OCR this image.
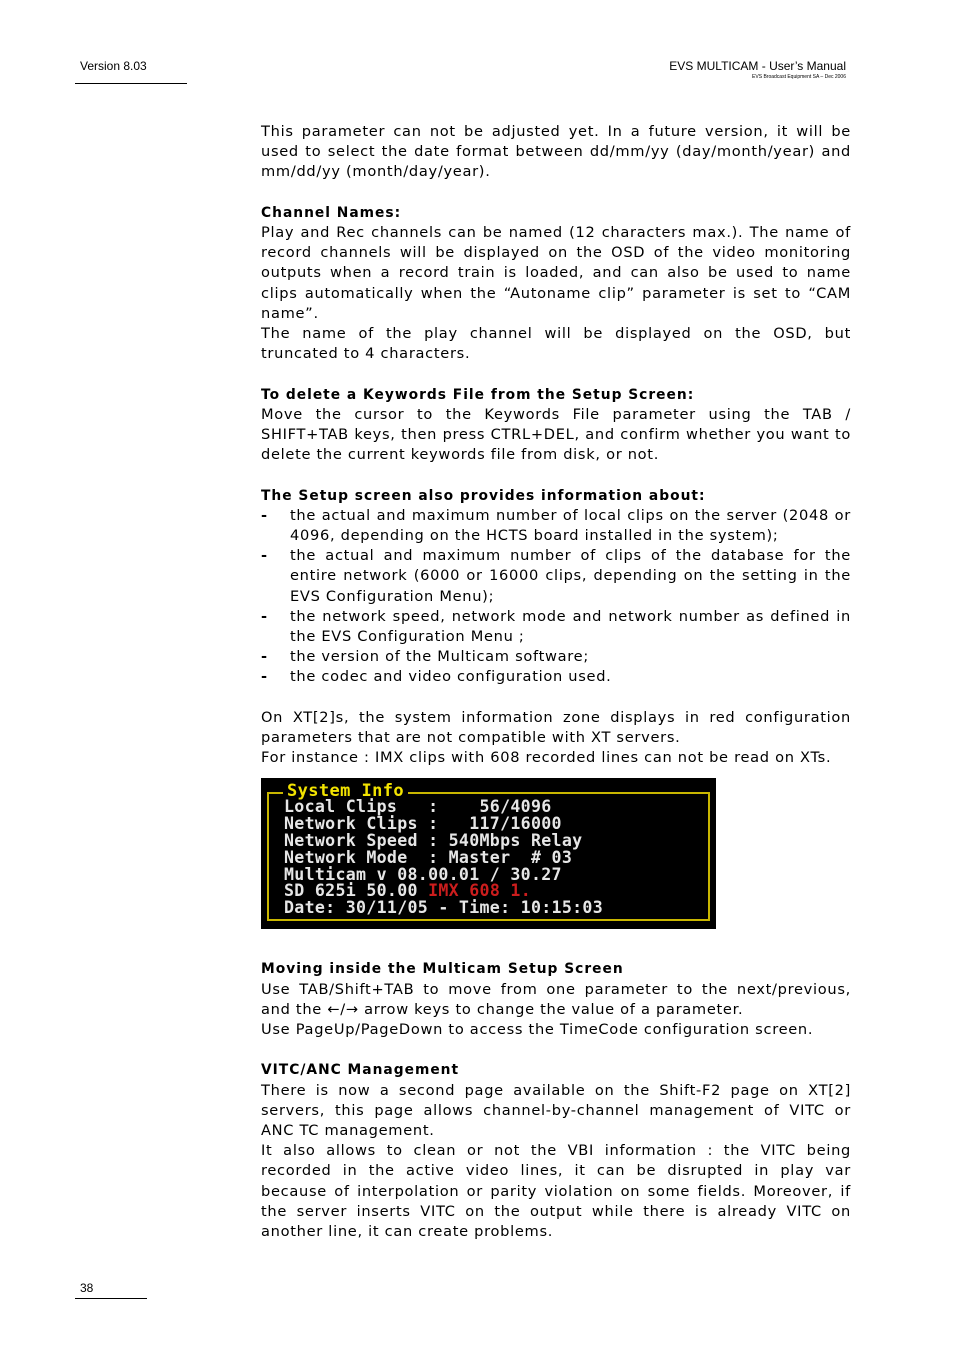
Version 8.03	EVS MULTICAM - User’s Manual
EVS Broadcast Equipment SA – Dec 2006

This parameter can not be adjusted yet. In a future version, it will be used to select the date format between dd/mm/yy (day/month/year) and mm/dd/yy (month/day/year).

Channel Names:

Play and Rec channels can be named (12 characters max.). The name of record channels will be displayed on the OSD of the video monitoring outputs when a record train is loaded, and can also be used to name clips automatically when the “Autoname clip” parameter is set to “CAM name”.

The name of the play channel will be displayed on the OSD, but truncated to 4 characters.

To delete a Keywords File from the Setup Screen:

Move the cursor to the Keywords File parameter using the TAB / SHIFT+TAB keys, then press CTRL+DEL, and confirm whether you want to delete the current keywords file from disk, or not.

The Setup screen also provides information about:

- the actual and maximum number of local clips on the server (2048 or 4096, depending on the HCTS board installed in the system);
- the actual and maximum number of clips of the database for the entire network (6000 or 16000 clips, depending on the setting in the EVS Configuration Menu);
- the network speed, network mode and network number as defined in the EVS Configuration Menu ;
- the version of the Multicam software;
- the codec and video configuration used.

On XT[2]s, the system information zone displays in red configuration parameters that are not compatible with XT servers.

For instance : IMX clips with 608 recorded lines can not be read on XTs.

System Info
Local Clips   :    56/4096
Network Clips :   117/16000
Network Speed : 540Mbps Relay
Network Mode  : Master  # 03
Multicam v 08.00.01 / 30.27
SD 625i 50.00 IMX 608 1.
Date: 30/11/05 - Time: 10:15:03

Moving inside the Multicam Setup Screen

Use TAB/Shift+TAB to move from one parameter to the next/previous, and the ←/→ arrow keys to change the value of a parameter.

Use PageUp/PageDown to access the TimeCode configuration screen.

VITC/ANC Management

There is now a second page available on the Shift-F2 page on XT[2] servers, this page allows channel-by-channel management of VITC or ANC TC management.

It also allows to clean or not the VBI information : the VITC being recorded in the active video lines, it can be disrupted in play var because of interpolation or parity violation on some fields. Moreover, if the server inserts VITC on the output while there is already VITC on another line, it can create problems.

38
